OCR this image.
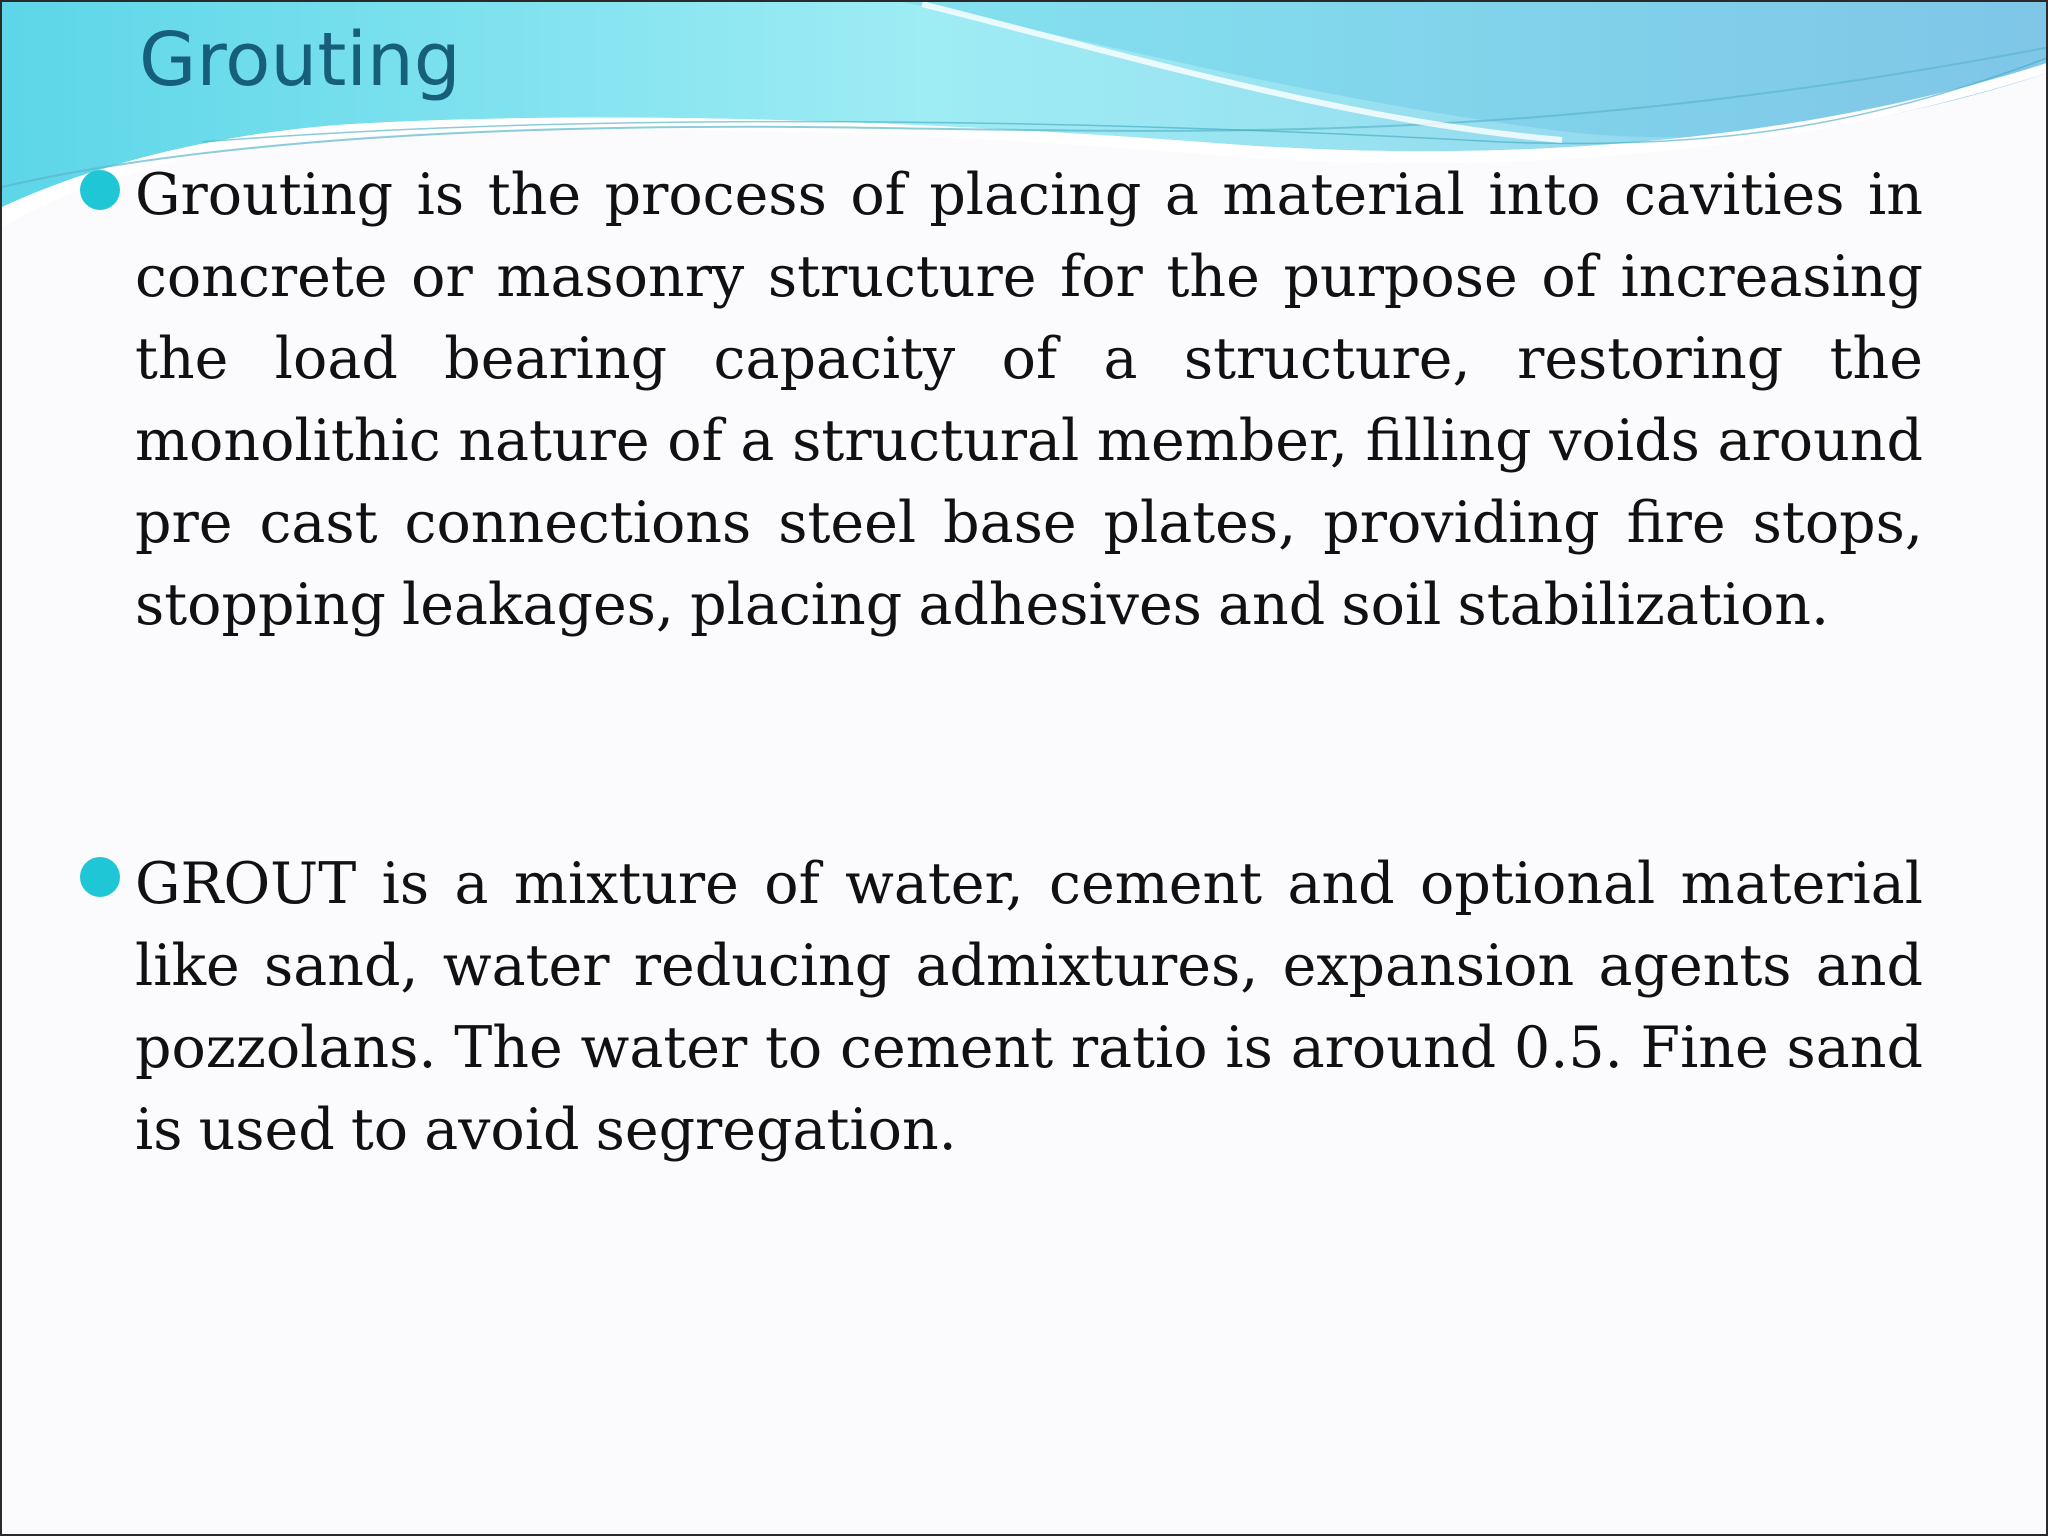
Grouting

Grouting is the process of placing a material into cavities in concrete or masonry structure for the purpose of increasing the load bearing capacity of a structure, restoring the monolithic nature of a structural member, filling voids around pre cast connections steel base plates, providing fire stops, stopping leakages, placing adhesives and soil stabilization.

GROUT is a mixture of water, cement and optional material like sand, water reducing admixtures, expansion agents and pozzolans. The water to cement ratio is around 0.5. Fine sand is used to avoid segregation.
